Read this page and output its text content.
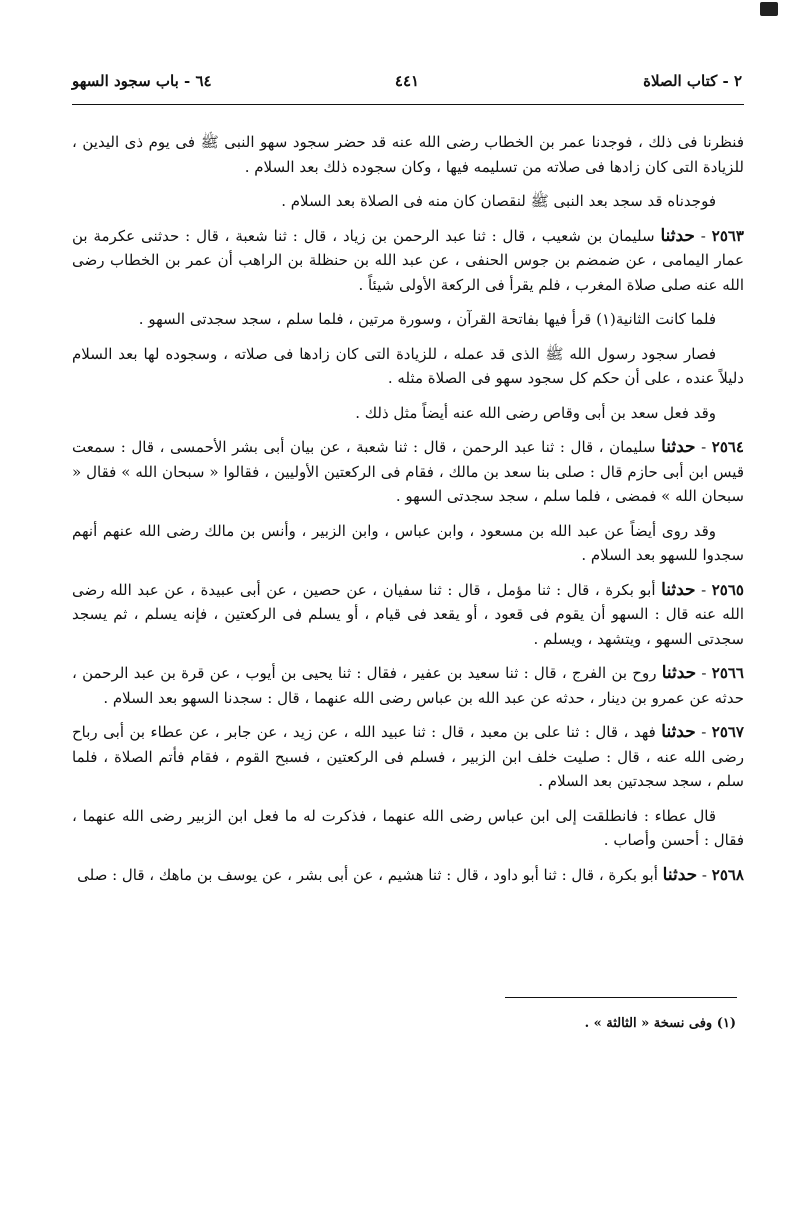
٢ - كتاب الصلاة
٤٤١
٦٤ - باب سجود السهو

فنظرنا فى ذلك ، فوجدنا عمر بن الخطاب رضى الله عنه قد حضر سجود سهو النبى ﷺ فى يوم ذى اليدين ، للزيادة التى كان زادها فى صلاته من تسليمه فيها ، وكان سجوده ذلك بعد السلام .

فوجدناه قد سجد بعد النبى ﷺ لنقصان كان منه فى الصلاة بعد السلام .

٢٥٦٣ - حدثنا سليمان بن شعيب ، قال : ثنا عبد الرحمن بن زياد ، قال : ثنا شعبة ، قال : حدثنى عكرمة بن عمار اليمامى ، عن ضمضم بن جوس الحنفى ، عن عبد الله بن حنظلة بن الراهب أن عمر بن الخطاب رضى الله عنه صلى صلاة المغرب ، فلم يقرأ فى الركعة الأولى شيئاً .

فلما كانت الثانية(١) قرأ فيها بفاتحة القرآن ، وسورة مرتين ، فلما سلم ، سجد سجدتى السهو .

فصار سجود رسول الله ﷺ الذى قد عمله ، للزيادة التى كان زادها فى صلاته ، وسجوده لها بعد السلام دليلاً عنده ، على أن حكم كل سجود سهو فى الصلاة مثله .

وقد فعل سعد بن أبى وقاص رضى الله عنه أيضاً مثل ذلك .

٢٥٦٤ - حدثنا سليمان ، قال : ثنا عبد الرحمن ، قال : ثنا شعبة ، عن بيان أبى بشر الأحمسى ، قال : سمعت قيس ابن أبى حازم قال : صلى بنا سعد بن مالك ، فقام فى الركعتين الأوليين ، فقالوا « سبحان الله » فقال « سبحان الله » فمضى ، فلما سلم ، سجد سجدتى السهو .

وقد روى أيضاً عن عبد الله بن مسعود ، وابن عباس ، وابن الزبير ، وأنس بن مالك رضى الله عنهم أنهم سجدوا للسهو بعد السلام .

٢٥٦٥ - حدثنا أبو بكرة ، قال : ثنا مؤمل ، قال : ثنا سفيان ، عن حصين ، عن أبى عبيدة ، عن عبد الله رضى الله عنه قال : السهو أن يقوم فى قعود ، أو يقعد فى قيام ، أو يسلم فى الركعتين ، فإنه يسلم ، ثم يسجد سجدتى السهو ، ويتشهد ، ويسلم .

٢٥٦٦ - حدثنا روح بن الفرج ، قال : ثنا سعيد بن عفير ، فقال : ثنا يحيى بن أيوب ، عن قرة بن عبد الرحمن ، حدثه عن عمرو بن دينار ، حدثه عن عبد الله بن عباس رضى الله عنهما ، قال : سجدنا السهو بعد السلام .

٢٥٦٧ - حدثنا فهد ، قال : ثنا على بن معبد ، قال : ثنا عبيد الله ، عن زيد ، عن جابر ، عن عطاء بن أبى رباح رضى الله عنه ، قال : صليت خلف ابن الزبير ، فسلم فى الركعتين ، فسبح القوم ، فقام فأتم الصلاة ، فلما سلم ، سجد سجدتين بعد السلام .

قال عطاء : فانطلقت إلى ابن عباس رضى الله عنهما ، فذكرت له ما فعل ابن الزبير رضى الله عنهما ، فقال : أحسن وأصاب .

٢٥٦٨ - حدثنا أبو بكرة ، قال : ثنا أبو داود ، قال : ثنا هشيم ، عن أبى بشر ، عن يوسف بن ماهك ، قال : صلى

(١) وفى نسخة « الثالثة » .
